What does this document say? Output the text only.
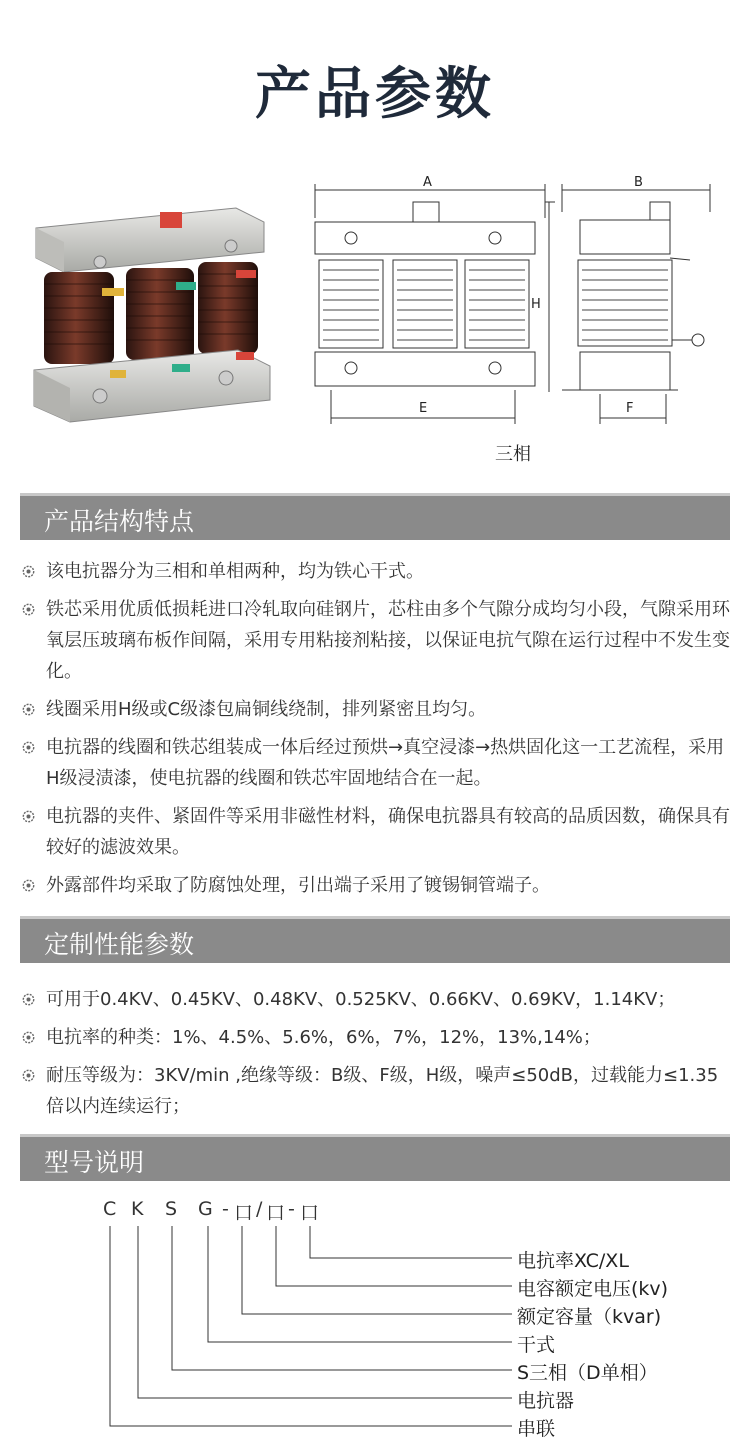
产品参数
A
H
E
B
F
三相
产品结构特点
该电抗器分为三相和单相两种，均为铁心干式。
铁芯采用优质低损耗进口冷轧取向硅钢片，芯柱由多个气隙分成均匀小段，气隙采用环氧层压玻璃布板作间隔，采用专用粘接剂粘接，以保证电抗气隙在运行过程中不发生变化。
线圈采用H级或C级漆包扁铜线绕制，排列紧密且均匀。
电抗器的线圈和铁芯组装成一体后经过预烘→真空浸漆→热烘固化这一工艺流程，采用H级浸渍漆，使电抗器的线圈和铁芯牢固地结合在一起。
电抗器的夹件、紧固件等采用非磁性材料，确保电抗器具有较高的品质因数，确保具有较好的滤波效果。
外露部件均采取了防腐蚀处理，引出端子采用了镀锡铜管端子。
定制性能参数
可用于0.4KV、0.45KV、0.48KV、0.525KV、0.66KV、0.69KV，1.14KV；
电抗率的种类：1%、4.5%、5.6%，6%，7%，12%，13%,14%；
耐压等级为：3KV/min ,绝缘等级：B级、F级，H级，噪声≤50dB，过载能力≤1.35倍以内连续运行；
型号说明
C K S G - 口 / 口 - 口
电抗率XC/XL
电容额定电压(kv)
额定容量（kvar)
干式
S三相（D单相）
电抗器
串联
